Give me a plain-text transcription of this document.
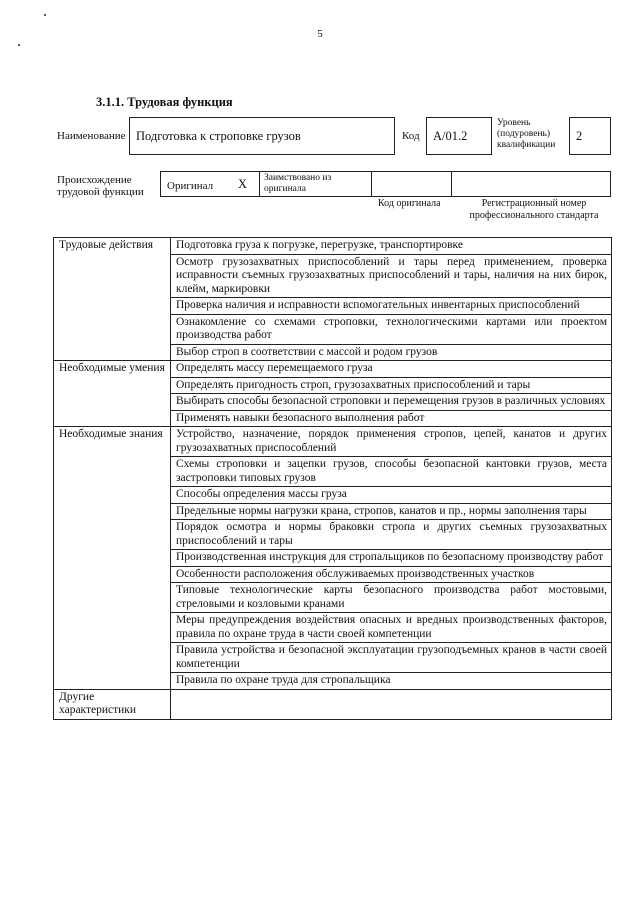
5
3.1.1. Трудовая функция
Наименование Подготовка к строповке грузов	Код А/01.2
Уровень (подуровень) квалификации
2
Происхождение трудовой функции	Оригинал X Заимствовано из оригинала
Код оригинала	Регистрационный номер профессионального стандарта
Трудовые действия	Подготовка груза к погрузке, перегрузке, транспортировке
	Осмотр грузозахватных приспособлений и тары перед применением, проверка исправности съемных грузозахватных приспособлений и тары, наличия на них бирок, клейм, маркировки
	Проверка наличия и исправности вспомогательных инвентарных приспособлений
	Ознакомление со схемами строповки, технологическими картами или проектом производства работ
	Выбор строп в соответствии с массой и родом грузов
Необходимые умения	Определять массу перемещаемого груза
	Определять пригодность строп, грузозахватных приспособлений и тары
	Выбирать способы безопасной строповки и перемещения грузов в различных условиях
	Применять навыки безопасного выполнения работ
Необходимые знания	Устройство, назначение, порядок применения стропов, цепей, канатов и других грузозахватных приспособлений
	Схемы строповки и зацепки грузов, способы безопасной кантовки грузов, места застроповки типовых грузов
	Способы определения массы груза
	Предельные нормы нагрузки крана, стропов, канатов и пр., нормы заполнения тары
	Порядок осмотра и нормы браковки стропа и других съемных грузозахватных приспособлений и тары
	Производственная инструкция для стропальщиков по безопасному производству работ
	Особенности расположения обслуживаемых производственных участков
	Типовые технологические карты безопасного производства работ мостовыми, стреловыми и козловыми кранами
	Меры предупреждения воздействия опасных и вредных производственных факторов, правила по охране труда в части своей компетенции
	Правила устройства и безопасной эксплуатации грузоподъемных кранов в части своей компетенции
	Правила по охране труда для стропальщика
Другие характеристики	
